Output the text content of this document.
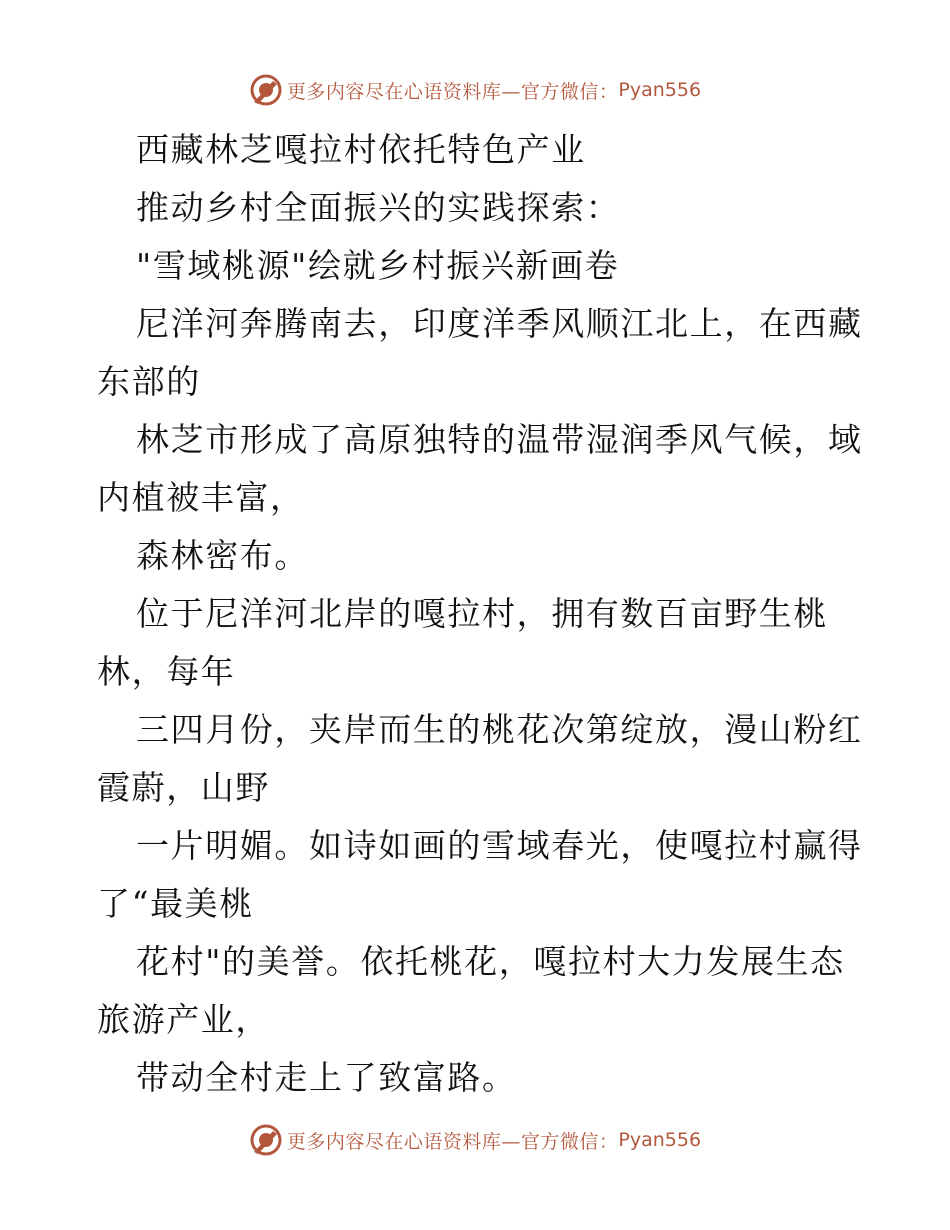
更多内容尽在心语资料库—官方微信： Pyan556
西藏林芝嘎拉村依托特色产业
推动乡村全面振兴的实践探索：
"雪域桃源"绘就乡村振兴新画卷
尼洋河奔腾南去，印度洋季风顺江北上，在西藏
东部的
林芝市形成了高原独特的温带湿润季风气候，域
内植被丰富，
森林密布。
位于尼洋河北岸的嘎拉村，拥有数百亩野生桃
林，每年
三四月份，夹岸而生的桃花次第绽放，漫山粉红
霞蔚，山野
一片明媚。如诗如画的雪域春光，使嘎拉村赢得
了“最美桃
花村"的美誉。依托桃花，嘎拉村大力发展生态
旅游产业，
带动全村走上了致富路。
更多内容尽在心语资料库—官方微信： Pyan556
